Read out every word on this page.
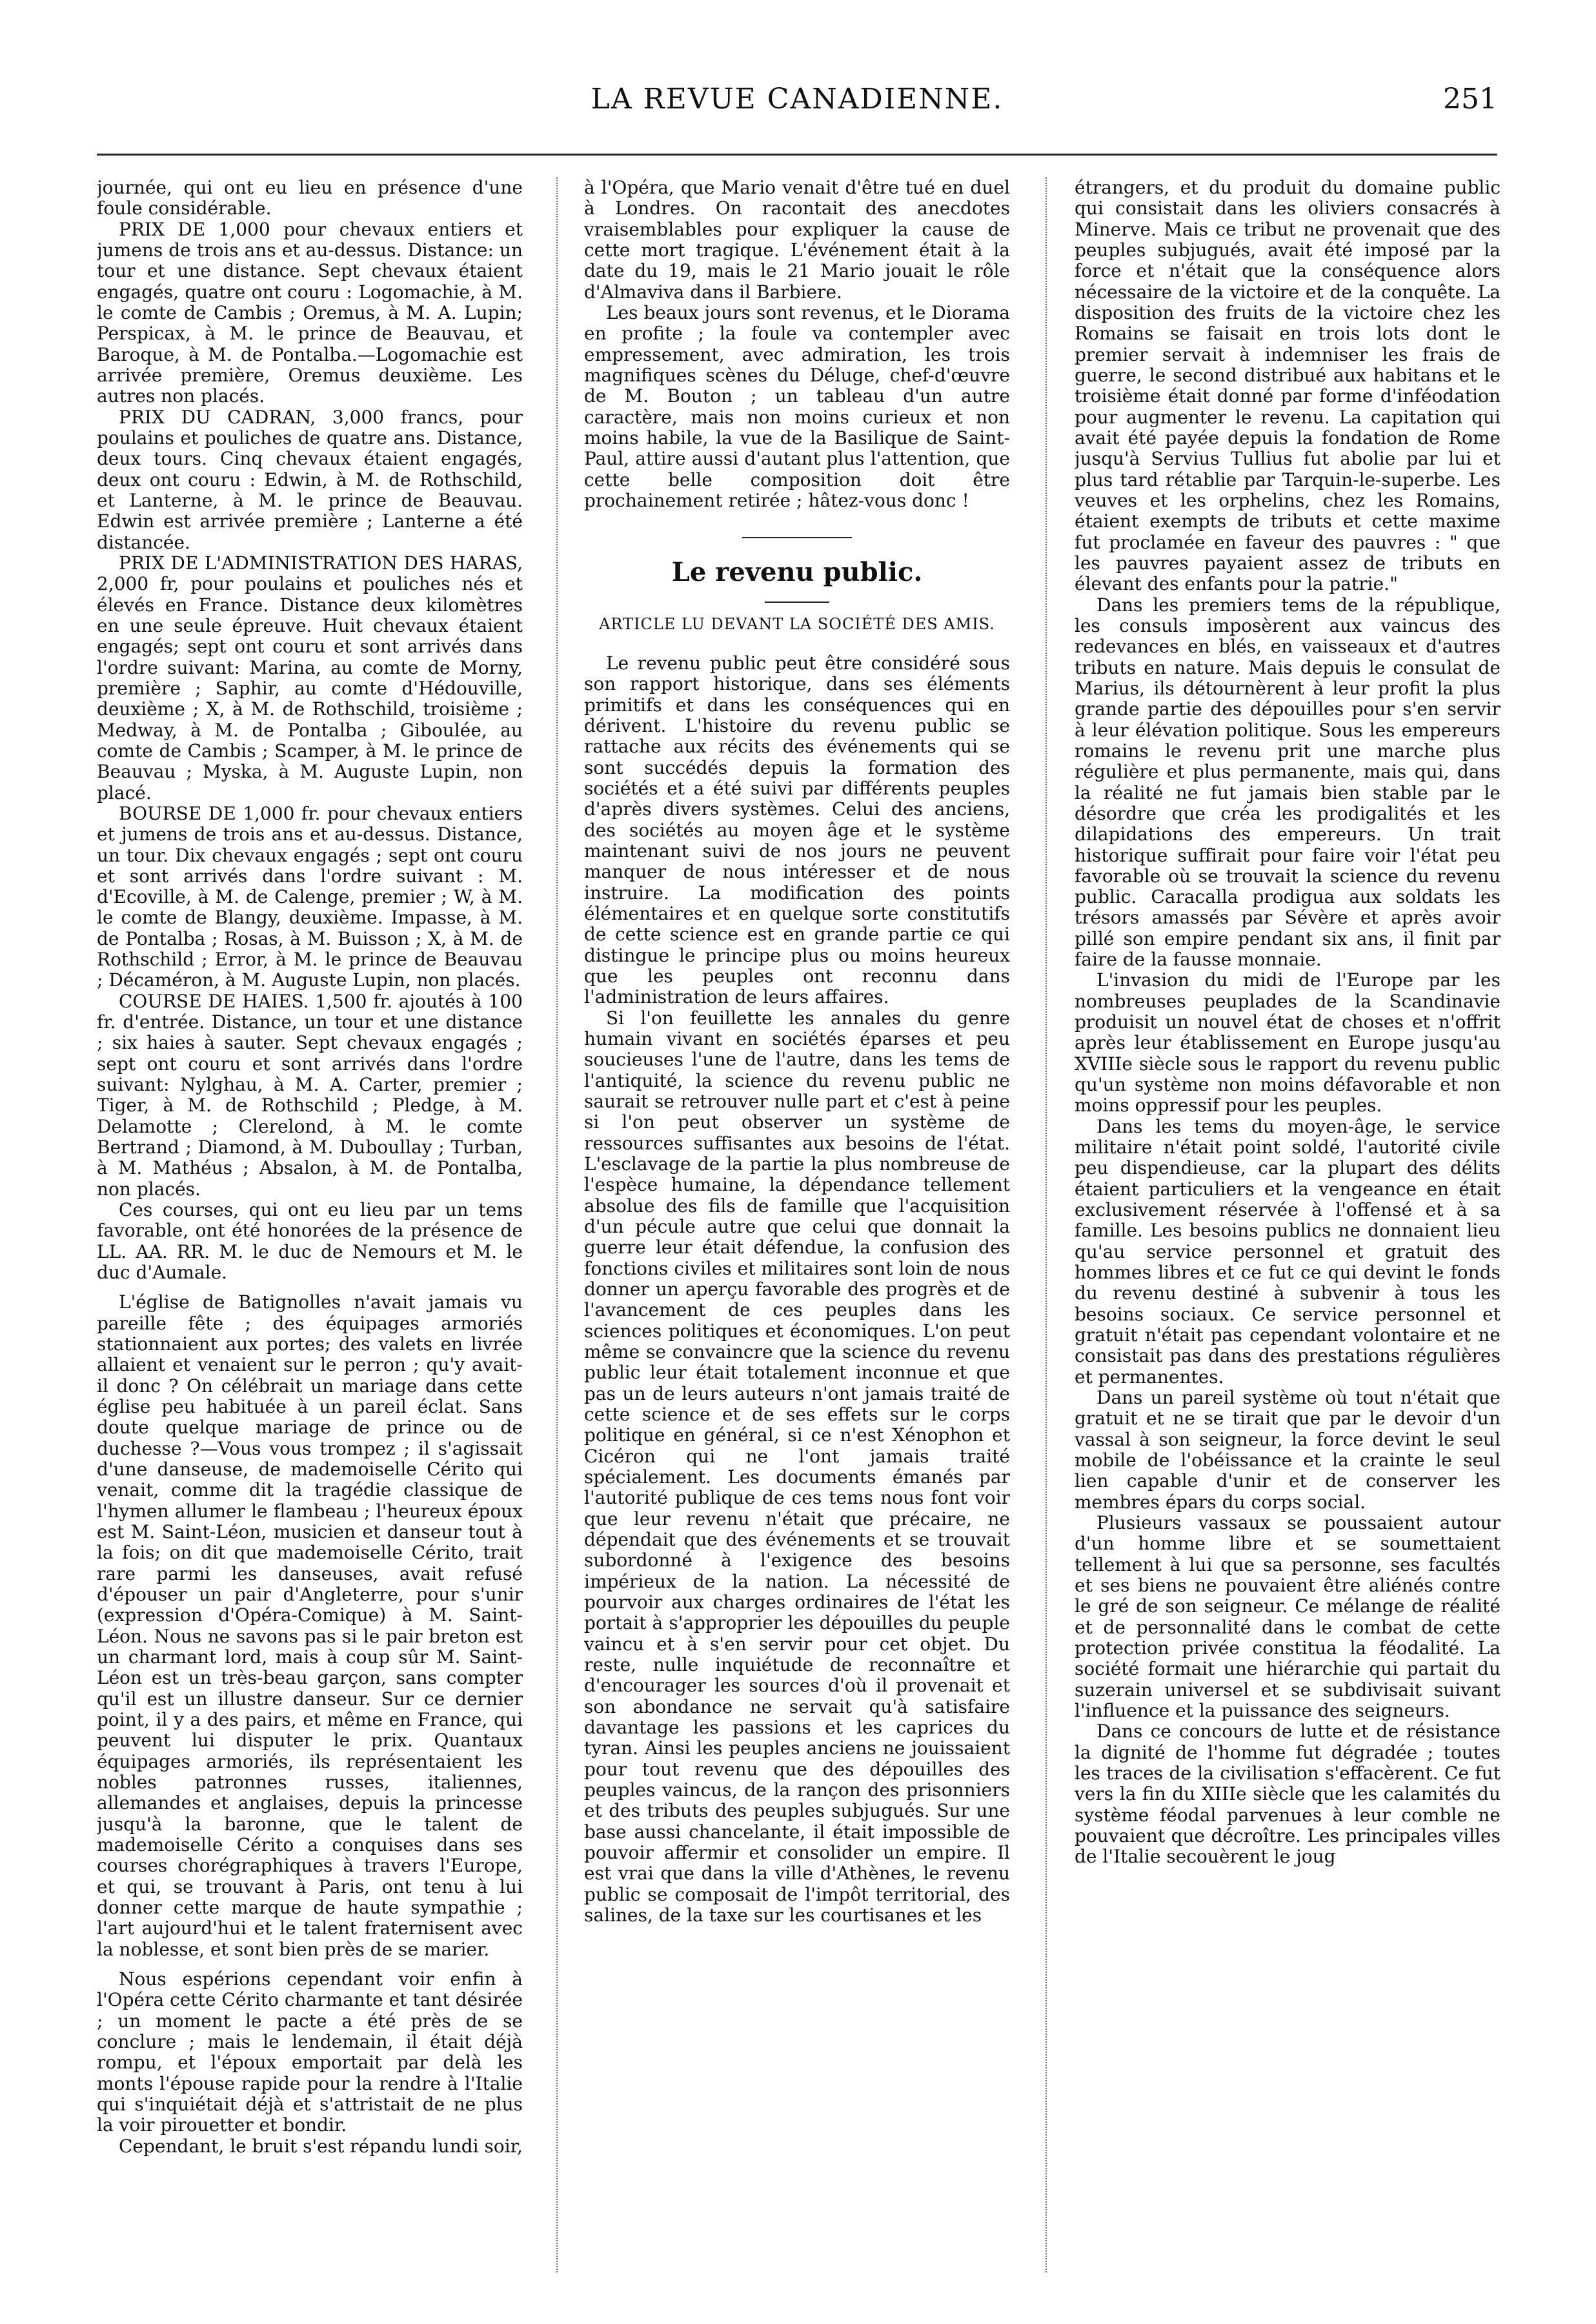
LA REVUE CANADIENNE.	251

journée, qui ont eu lieu en présence d'une foule considérable.

PRIX DE 1,000 pour chevaux entiers et jumens de trois ans et au-dessus. Distance: un tour et une distance. Sept chevaux étaient engagés, quatre ont couru : Logomachie, à M. le comte de Cambis ; Oremus, à M. A. Lupin; Perspicax, à M. le prince de Beauvau, et Baroque, à M. de Pontalba.—Logomachie est arrivée première, Oremus deuxième. Les autres non placés.

PRIX DU CADRAN, 3,000 francs, pour poulains et pouliches de quatre ans. Distance, deux tours. Cinq chevaux étaient engagés, deux ont couru : Edwin, à M. de Rothschild, et Lanterne, à M. le prince de Beauvau. Edwin est arrivée première ; Lanterne a été distancée.

PRIX DE L'ADMINISTRATION DES HARAS, 2,000 fr, pour poulains et pouliches nés et élevés en France. Distance deux kilomètres en une seule épreuve. Huit chevaux étaient engagés; sept ont couru et sont arrivés dans l'ordre suivant: Marina, au comte de Morny, première ; Saphir, au comte d'Hédouville, deuxième ; X, à M. de Rothschild, troisième ; Medway, à M. de Pontalba ; Giboulée, au comte de Cambis ; Scamper, à M. le prince de Beauvau ; Myska, à M. Auguste Lupin, non placé.

BOURSE DE 1,000 fr. pour chevaux entiers et jumens de trois ans et au-dessus. Distance, un tour. Dix chevaux engagés ; sept ont couru et sont arrivés dans l'ordre suivant : M. d'Ecoville, à M. de Calenge, premier ; W, à M. le comte de Blangy, deuxième. Impasse, à M. de Pontalba ; Rosas, à M. Buisson ; X, à M. de Rothschild ; Error, à M. le prince de Beauvau ; Décaméron, à M. Auguste Lupin, non placés.

COURSE DE HAIES. 1,500 fr. ajoutés à 100 fr. d'entrée. Distance, un tour et une distance ; six haies à sauter. Sept chevaux engagés ; sept ont couru et sont arrivés dans l'ordre suivant: Nylghau, à M. A. Carter, premier ; Tiger, à M. de Rothschild ; Pledge, à M. Delamotte ; Clerelond, à M. le comte Bertrand ; Diamond, à M. Duboullay ; Turban, à M. Mathéus ; Absalon, à M. de Pontalba, non placés.

Ces courses, qui ont eu lieu par un tems favorable, ont été honorées de la présence de LL. AA. RR. M. le duc de Nemours et M. le duc d'Aumale.

L'église de Batignolles n'avait jamais vu pareille fête ; des équipages armoriés stationnaient aux portes; des valets en livrée allaient et venaient sur le perron ; qu'y avait-il donc ? On célébrait un mariage dans cette église peu habituée à un pareil éclat. Sans doute quelque mariage de prince ou de duchesse ?—Vous vous trompez ; il s'agissait d'une danseuse, de mademoiselle Cérito qui venait, comme dit la tragédie classique de l'hymen allumer le flambeau ; l'heureux époux est M. Saint-Léon, musicien et danseur tout à la fois; on dit que mademoiselle Cérito, trait rare parmi les danseuses, avait refusé d'épouser un pair d'Angleterre, pour s'unir (expression d'Opéra-Comique) à M. Saint-Léon. Nous ne savons pas si le pair breton est un charmant lord, mais à coup sûr M. Saint-Léon est un très-beau garçon, sans compter qu'il est un illustre danseur. Sur ce dernier point, il y a des pairs, et même en France, qui peuvent lui disputer le prix. Quantaux équipages armoriés, ils représentaient les nobles patronnes russes, italiennes, allemandes et anglaises, depuis la princesse jusqu'à la baronne, que le talent de mademoiselle Cérito a conquises dans ses courses chorégraphiques à travers l'Europe, et qui, se trouvant à Paris, ont tenu à lui donner cette marque de haute sympathie ; l'art aujourd'hui et le talent fraternisent avec la noblesse, et sont bien près de se marier.

Nous espérions cependant voir enfin à l'Opéra cette Cérito charmante et tant désirée ; un moment le pacte a été près de se conclure ; mais le lendemain, il était déjà rompu, et l'époux emportait par delà les monts l'épouse rapide pour la rendre à l'Italie qui s'inquiétait déjà et s'attristait de ne plus la voir pirouetter et bondir.

Cependant, le bruit s'est répandu lundi soir,

à l'Opéra, que Mario venait d'être tué en duel à Londres. On racontait des anecdotes vraisemblables pour expliquer la cause de cette mort tragique. L'événement était à la date du 19, mais le 21 Mario jouait le rôle d'Almaviva dans il Barbiere.

Les beaux jours sont revenus, et le Diorama en profite ; la foule va contempler avec empressement, avec admiration, les trois magnifiques scènes du Déluge, chef-d'œuvre de M. Bouton ; un tableau d'un autre caractère, mais non moins curieux et non moins habile, la vue de la Basilique de Saint-Paul, attire aussi d'autant plus l'attention, que cette belle composition doit être prochainement retirée ; hâtez-vous donc !

Le revenu public.
ARTICLE LU DEVANT LA SOCIÉTÉ DES AMIS.

Le revenu public peut être considéré sous son rapport historique, dans ses éléments primitifs et dans les conséquences qui en dérivent. L'histoire du revenu public se rattache aux récits des événements qui se sont succédés depuis la formation des sociétés et a été suivi par différents peuples d'après divers systèmes. Celui des anciens, des sociétés au moyen âge et le système maintenant suivi de nos jours ne peuvent manquer de nous intéresser et de nous instruire. La modification des points élémentaires et en quelque sorte constitutifs de cette science est en grande partie ce qui distingue le principe plus ou moins heureux que les peuples ont reconnu dans l'administration de leurs affaires.

Si l'on feuillette les annales du genre humain vivant en sociétés éparses et peu soucieuses l'une de l'autre, dans les tems de l'antiquité, la science du revenu public ne saurait se retrouver nulle part et c'est à peine si l'on peut observer un système de ressources suffisantes aux besoins de l'état. L'esclavage de la partie la plus nombreuse de l'espèce humaine, la dépendance tellement absolue des fils de famille que l'acquisition d'un pécule autre que celui que donnait la guerre leur était défendue, la confusion des fonctions civiles et militaires sont loin de nous donner un aperçu favorable des progrès et de l'avancement de ces peuples dans les sciences politiques et économiques. L'on peut même se convaincre que la science du revenu public leur était totalement inconnue et que pas un de leurs auteurs n'ont jamais traité de cette science et de ses effets sur le corps politique en général, si ce n'est Xénophon et Cicéron qui ne l'ont jamais traité spécialement. Les documents émanés par l'autorité publique de ces tems nous font voir que leur revenu n'était que précaire, ne dépendait que des événements et se trouvait subordonné à l'exigence des besoins impérieux de la nation. La nécessité de pourvoir aux charges ordinaires de l'état les portait à s'approprier les dépouilles du peuple vaincu et à s'en servir pour cet objet. Du reste, nulle inquiétude de reconnaître et d'encourager les sources d'où il provenait et son abondance ne servait qu'à satisfaire davantage les passions et les caprices du tyran. Ainsi les peuples anciens ne jouissaient pour tout revenu que des dépouilles des peuples vaincus, de la rançon des prisonniers et des tributs des peuples subjugués. Sur une base aussi chancelante, il était impossible de pouvoir affermir et consolider un empire. Il est vrai que dans la ville d'Athènes, le revenu public se composait de l'impôt territorial, des salines, de la taxe sur les courtisanes et les

étrangers, et du produit du domaine public qui consistait dans les oliviers consacrés à Minerve. Mais ce tribut ne provenait que des peuples subjugués, avait été imposé par la force et n'était que la conséquence alors nécessaire de la victoire et de la conquête. La disposition des fruits de la victoire chez les Romains se faisait en trois lots dont le premier servait à indemniser les frais de guerre, le second distribué aux habitans et le troisième était donné par forme d'inféodation pour augmenter le revenu. La capitation qui avait été payée depuis la fondation de Rome jusqu'à Servius Tullius fut abolie par lui et plus tard rétablie par Tarquin-le-superbe. Les veuves et les orphelins, chez les Romains, étaient exempts de tributs et cette maxime fut proclamée en faveur des pauvres : " que les pauvres payaient assez de tributs en élevant des enfants pour la patrie."

Dans les premiers tems de la république, les consuls imposèrent aux vaincus des redevances en blés, en vaisseaux et d'autres tributs en nature. Mais depuis le consulat de Marius, ils détournèrent à leur profit la plus grande partie des dépouilles pour s'en servir à leur élévation politique. Sous les empereurs romains le revenu prit une marche plus régulière et plus permanente, mais qui, dans la réalité ne fut jamais bien stable par le désordre que créa les prodigalités et les dilapidations des empereurs. Un trait historique suffirait pour faire voir l'état peu favorable où se trouvait la science du revenu public. Caracalla prodigua aux soldats les trésors amassés par Sévère et après avoir pillé son empire pendant six ans, il finit par faire de la fausse monnaie.

L'invasion du midi de l'Europe par les nombreuses peuplades de la Scandinavie produisit un nouvel état de choses et n'offrit après leur établissement en Europe jusqu'au XVIIIe siècle sous le rapport du revenu public qu'un système non moins défavorable et non moins oppressif pour les peuples.

Dans les tems du moyen-âge, le service militaire n'était point soldé, l'autorité civile peu dispendieuse, car la plupart des délits étaient particuliers et la vengeance en était exclusivement réservée à l'offensé et à sa famille. Les besoins publics ne donnaient lieu qu'au service personnel et gratuit des hommes libres et ce fut ce qui devint le fonds du revenu destiné à subvenir à tous les besoins sociaux. Ce service personnel et gratuit n'était pas cependant volontaire et ne consistait pas dans des prestations régulières et permanentes.

Dans un pareil système où tout n'était que gratuit et ne se tirait que par le devoir d'un vassal à son seigneur, la force devint le seul mobile de l'obéissance et la crainte le seul lien capable d'unir et de conserver les membres épars du corps social.

Plusieurs vassaux se poussaient autour d'un homme libre et se soumettaient tellement à lui que sa personne, ses facultés et ses biens ne pouvaient être aliénés contre le gré de son seigneur. Ce mélange de réalité et de personnalité dans le combat de cette protection privée constitua la féodalité. La société formait une hiérarchie qui partait du suzerain universel et se subdivisait suivant l'influence et la puissance des seigneurs.

Dans ce concours de lutte et de résistance la dignité de l'homme fut dégradée ; toutes les traces de la civilisation s'effacèrent. Ce fut vers la fin du XIIIe siècle que les calamités du système féodal parvenues à leur comble ne pouvaient que décroître. Les principales villes de l'Italie secouèrent le joug
